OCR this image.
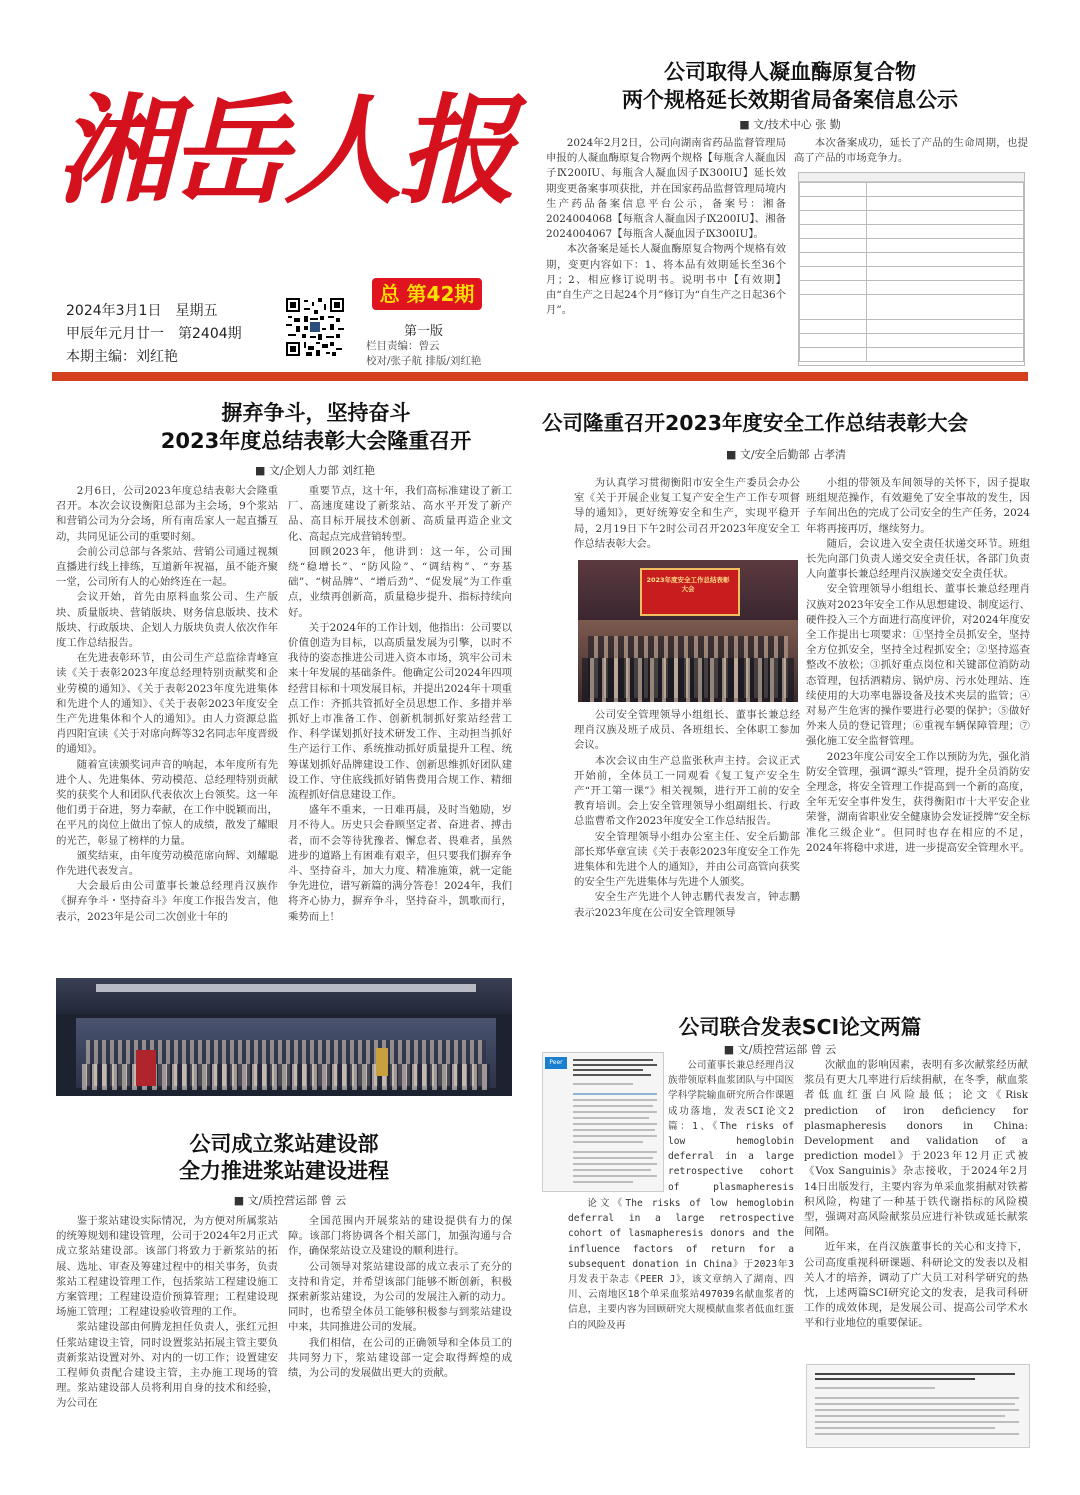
湘岳人报
总 第42期
第一版
2024年3月1日　星期五
甲辰年元月廿一　第2404期
本期主编：刘红艳
栏目责编：曾云
校对/张子航 排版/刘红艳
公司取得人凝血酶原复合物
两个规格延长效期省局备案信息公示
■ 文/技术中心 张 勤

2024年2月2日，公司向湖南省药品监督管理局申报的人凝血酶原复合物两个规格【每瓶含人凝血因子Ⅸ200IU、每瓶含人凝血因子Ⅸ300IU】延长效期变更备案事项获批，并在国家药品监督管理局境内生产药品备案信息平台公示，备案号：湘备2024004068【每瓶含人凝血因子Ⅸ200IU】、湘备2024004067【每瓶含人凝血因子Ⅸ300IU】。

本次备案是延长人凝血酶原复合物两个规格有效期，变更内容如下：1、将本品有效期延长至36个月；2、相应修订说明书。说明书中【有效期】由“自生产之日起24个月”修订为“自生产之日起36个月”。

本次备案成功，延长了产品的生命周期，也提高了产品的市场竞争力。

摒弃争斗，坚持奋斗
2023年度总结表彰大会隆重召开
■ 文/企划人力部 刘红艳

2月6日，公司2023年度总结表彰大会隆重召开。本次会议设衡阳总部为主会场，9个浆站和营销公司为分会场，所有南岳家人一起直播互动，共同见证公司的重要时刻。

会前公司总部与各浆站、营销公司通过视频直播进行线上排练，互道新年祝福，虽不能齐聚一堂，公司所有人的心始终连在一起。

会议开始，首先由原料血浆公司、生产版块、质量版块、营销版块、财务信息版块、技术版块、行政版块、企划人力版块负责人依次作年度工作总结报告。

在先进表彰环节，由公司生产总监徐青峰宣读《关于表彰2023年度总经理特别贡献奖和企业劳模的通知》、《关于表彰2023年度先进集体和先进个人的通知》、《关于表彰2023年度安全生产先进集体和个人的通知》。由人力资源总监肖四阳宣读《关于对席向辉等32名同志年度晋级的通知》。

随着宣读颁奖词声音的响起，本年度所有先进个人、先进集体、劳动模范、总经理特别贡献奖的获奖个人和团队代表依次上台领奖。这一年他们勇于奋进，努力奉献，在工作中脱颖而出，在平凡的岗位上做出了惊人的成绩，散发了耀眼的光芒，彰显了榜样的力量。

颁奖结束，由年度劳动模范席向辉、刘耀聪作先进代表发言。

大会最后由公司董事长兼总经理肖汉族作《摒弃争斗・坚持奋斗》年度工作报告发言，他表示，2023年是公司二次创业十年的

重要节点，这十年，我们高标准建设了新工厂、高速度建设了新浆站、高水平开发了新产品、高目标开展技术创新、高质量再造企业文化、高起点完成营销转型。

回顾2023年，他讲到：这一年，公司围绕“稳增长”、“防风险”、“调结构”、“夯基础”、“树品牌”、“增后劲”、“促发展”为工作重点，业绩再创新高，质量稳步提升、指标持续向好。

关于2024年的工作计划，他指出：公司要以价值创造为目标，以高质量发展为引擎，以时不我待的姿态推进公司进入资本市场，筑牢公司未来十年发展的基础条件。他确定公司2024年四项经营目标和十项发展目标，并提出2024年十项重点工作：齐抓共管抓好全员思想工作、多措并举抓好上市准备工作、创新机制抓好浆站经营工作、科学谋划抓好技术研发工作、主动担当抓好生产运行工作、系统推动抓好质量提升工程、统筹谋划抓好品牌建设工作、创新思维抓好团队建设工作、守住底线抓好销售费用合规工作、精细流程抓好信息建设工作。

盛年不重来，一日难再晨，及时当勉励，岁月不待人。历史只会眷顾坚定者、奋进者、搏击者，而不会等待犹豫者、懈怠者、畏难者，虽然进步的道路上有困难有艰辛，但只要我们摒弃争斗、坚持奋斗，加大力度、精准施策，就一定能争先进位，谱写新篇的满分答卷！2024年，我们将齐心协力，摒弃争斗，坚持奋斗，凯歌而行，乘势而上！

公司隆重召开2023年度安全工作总结表彰大会
■ 文/安全后勤部 占孝清

为认真学习贯彻衡阳市安全生产委员会办公室《关于开展企业复工复产安全生产工作专项督导的通知》，更好统筹安全和生产，实现平稳开局，2月19日下午2时公司召开2023年度安全工作总结表彰大会。

2023年度安全工作总结表彰大会

公司安全管理领导小组组长、董事长兼总经理肖汉族及班子成员、各班组长、全体职工参加会议。

本次会议由生产总监张秋声主持。会议正式开始前，全体员工一同观看《复工复产安全生产“开工第一课”》相关视频，进行开工前的安全教育培训。会上安全管理领导小组副组长、行政总监曹希文作2023年度安全工作总结报告。

安全管理领导小组办公室主任、安全后勤部部长郑华章宣读《关于表彰2023年度安全工作先进集体和先进个人的通知》，并由公司高管向获奖的安全生产先进集体与先进个人颁奖。

安全生产先进个人钟志鹏代表发言，钟志鹏表示2023年度在公司安全管理领导

小组的带领及车间领导的关怀下，因子提取班组规范操作，有效避免了安全事故的发生，因子车间出色的完成了公司安全的生产任务，2024年将再接再厉，继续努力。

随后，会议进入安全责任状递交环节。班组长先向部门负责人递交安全责任状，各部门负责人向董事长兼总经理肖汉族递交安全责任状。

安全管理领导小组组长、董事长兼总经理肖汉族对2023年安全工作从思想建设、制度运行、硬件投入三个方面进行高度评价，对2024年度安全工作提出七项要求：①坚持全员抓安全，坚持全方位抓安全，坚持全过程抓安全；②坚持巡查整改不放松；③抓好重点岗位和关键部位消防动态管理，包括酒精房、锅炉房、污水处理站、连续使用的大功率电器设备及技术夹层的监管；④对易产生危害的操作要进行必要的保护；⑤做好外来人员的登记管理；⑥重视车辆保障管理；⑦强化施工安全监督管理。

2023年度公司安全工作以预防为先，强化消防安全管理，强调“源头”管理，提升全员消防安全理念，将安全管理工作提高到一个新的高度，全年无安全事件发生，获得衡阳市十大平安企业荣誉，湖南省职业安全健康协会发证授牌“安全标准化三级企业”。但同时也存在相应的不足，2024年将稳中求进，进一步提高安全管理水平。

公司成立浆站建设部
全力推进浆站建设进程
■ 文/质控营运部 曾 云

鉴于浆站建设实际情况，为方便对所属浆站的统筹规划和建设管理，公司于2024年2月正式成立浆站建设部。该部门将致力于新浆站的拓展、选址、审查及筹建过程中的相关事务，负责浆站工程建设管理工作，包括浆站工程建设施工方案管理；工程建设造价预算管理；工程建设现场施工管理；工程建设验收管理的工作。

浆站建设部由何腾龙担任负责人，张红元担任浆站建设主管，同时设置浆站拓展主管主要负责新浆站设置对外、对内的一切工作；设置建安工程师负责配合建设主管，主办施工现场的管理。浆站建设部人员将利用自身的技术和经验，为公司在

全国范围内开展浆站的建设提供有力的保障。该部门将协调各个相关部门，加强沟通与合作，确保浆站设立及建设的顺利进行。

公司领导对浆站建设部的成立表示了充分的支持和肯定，并希望该部门能够不断创新，积极探索新浆站建设，为公司的发展注入新的动力。同时，也希望全体员工能够积极参与到浆站建设中来，共同推进公司的发展。

我们相信，在公司的正确领导和全体员工的共同努力下，浆站建设部一定会取得辉煌的成绩，为公司的发展做出更大的贡献。

公司联合发表SCI论文两篇
■ 文/质控营运部 曾 云
Peer	公司董事长兼总经理肖汉族带领原料血浆团队与中国医学科学院输血研究所合作课题成功落地，发表SCI论文2篇：1、《The risks of low hemoglobin deferral in a large retrospective cohort of plasmapheresis

论文《The risks of low hemoglobin deferral in a large retrospective cohort of lasmapheresis donors and the influence factors of return for a subsequent donation in China》于2023年3月发表于杂志《PEER J》，该文章纳入了湖南、四川、云南地区18个单采血浆站497039名献血浆者的信息，主要内容为回顾研究大规模献血浆者低血红蛋白的风险及再

次献血的影响因素，表明有多次献浆经历献浆员有更大几率进行后续捐献，在冬季，献血浆者低血红蛋白风险最低；论文《Risk prediction of iron deficiency for plasmapheresis donors in China: Development and validation of a prediction model》于2023年12月正式被《Vox Sanguinis》杂志接收，于2024年2月14日出版发行，主要内容为单采血浆捐献对铁蓄积风险，构建了一种基于铁代谢指标的风险模型，强调对高风险献浆员应进行补铁或延长献浆间隔。

近年来，在肖汉族董事长的关心和支持下，公司高度重视科研课题、科研论文的发表以及相关人才的培养，调动了广大员工对科学研究的热忱，上述两篇SCI研究论文的发表，是我司科研工作的成效体现，是发展公司、提高公司学术水平和行业地位的重要保证。
